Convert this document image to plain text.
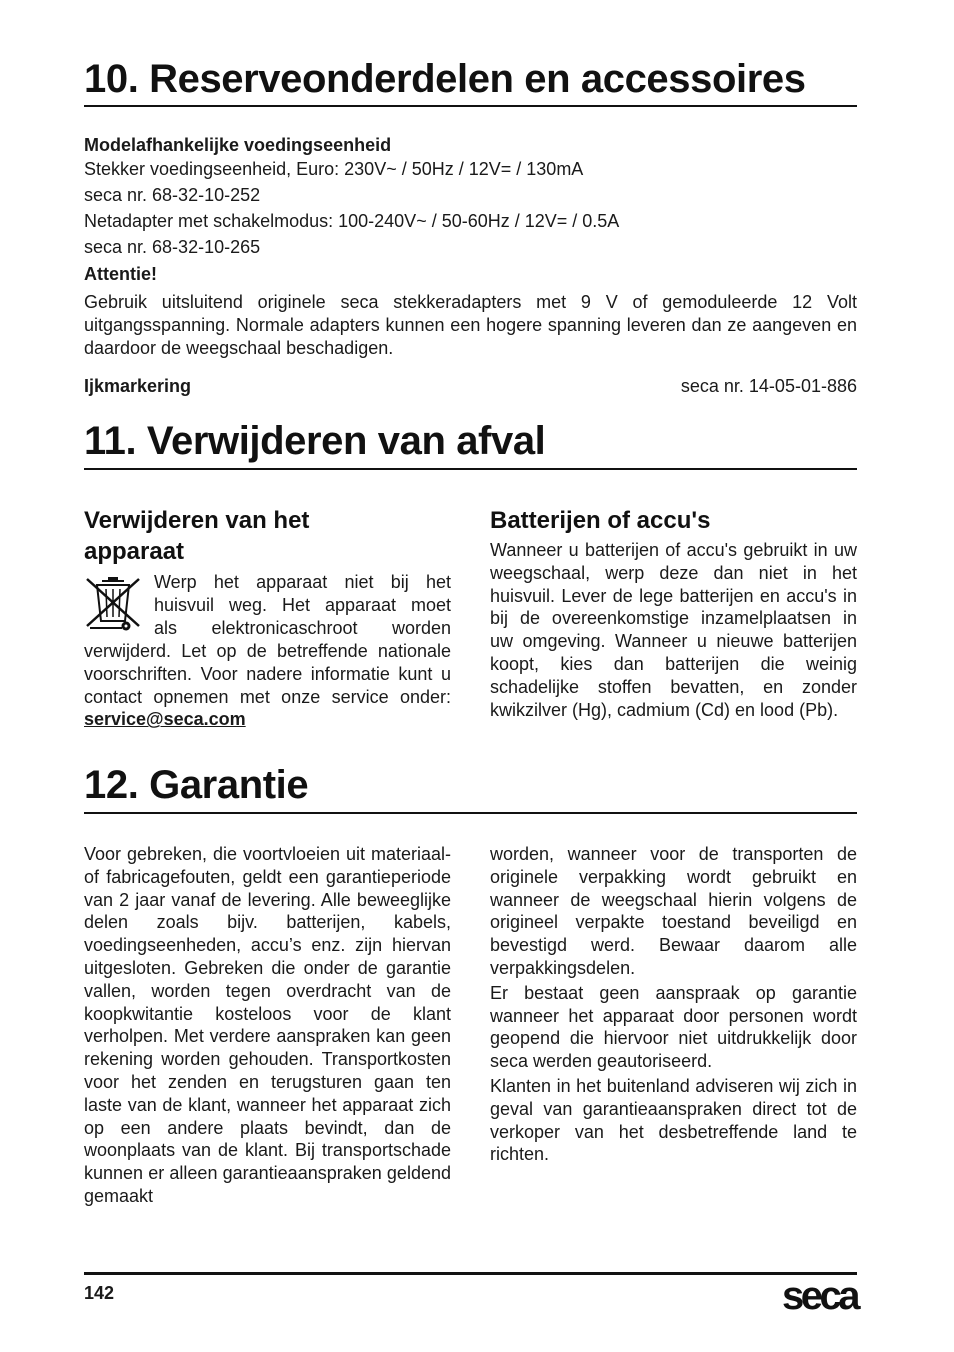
10. Reserveonderdelen en accessoires

Modelafhankelijke voedingseenheid

Stekker voedingseenheid, Euro: 230V~ / 50Hz / 12V= / 130mA

seca nr. 68-32-10-252

Netadapter met schakelmodus: 100-240V~ / 50-60Hz / 12V= / 0.5A

seca nr. 68-32-10-265

Attentie!

Gebruik uitsluitend originele seca stekkeradapters met 9 V of gemoduleerde 12 Volt uitgangsspanning. Normale adapters kunnen een hogere spanning leveren dan ze aangeven en daardoor de weegschaal beschadigen.

Ijkmarkering	seca nr. 14-05-01-886

11. Verwijderen van afval

Verwijderen van het

apparaat

Werp het apparaat niet bij het

huisvuil weg. Het apparaat moet

als elektronicaschroot worden

verwijderd. Let op de betreffende nationale voorschriften. Voor nadere informatie kunt u contact opnemen met onze service onder: service@seca.com

Batterijen of accu's

Wanneer u batterijen of accu's gebruikt in uw weegschaal, werp deze dan niet in het huisvuil. Lever de lege batterijen en accu's in bij de overeenkomstige inzamelplaatsen in uw omgeving. Wanneer u nieuwe batterijen koopt, kies dan batterijen die weinig schadelijke stoffen bevatten, en zonder kwikzilver (Hg), cadmium (Cd) en lood (Pb).

12. Garantie

Voor gebreken, die voortvloeien uit materiaal- of fabricagefouten, geldt een garantieperiode van 2 jaar vanaf de levering. Alle beweeglijke delen zoals bijv. batterijen, kabels, voedingseenheden, accu’s enz. zijn hiervan uitgesloten. Gebreken die onder de garantie vallen, worden tegen overdracht van de koopkwitantie kosteloos voor de klant verholpen. Met verdere aanspraken kan geen rekening worden gehouden. Transportkosten voor het zenden en terugsturen gaan ten laste van de klant, wanneer het apparaat zich op een andere plaats bevindt, dan de woonplaats van de klant. Bij transportschade kunnen er alleen garantieaanspraken geldend gemaakt

worden, wanneer voor de transporten de originele verpakking wordt gebruikt en wanneer de weegschaal hierin volgens de origineel verpakte toestand beveiligd en bevestigd werd. Bewaar daarom alle verpakkingsdelen.

Er bestaat geen aanspraak op garantie wanneer het apparaat door personen wordt geopend die hiervoor niet uitdrukkelijk door seca werden geautoriseerd.

Klanten in het buitenland adviseren wij zich in geval van garantieaanspraken direct tot de verkoper van het desbetreffende land te richten.

142	seca
